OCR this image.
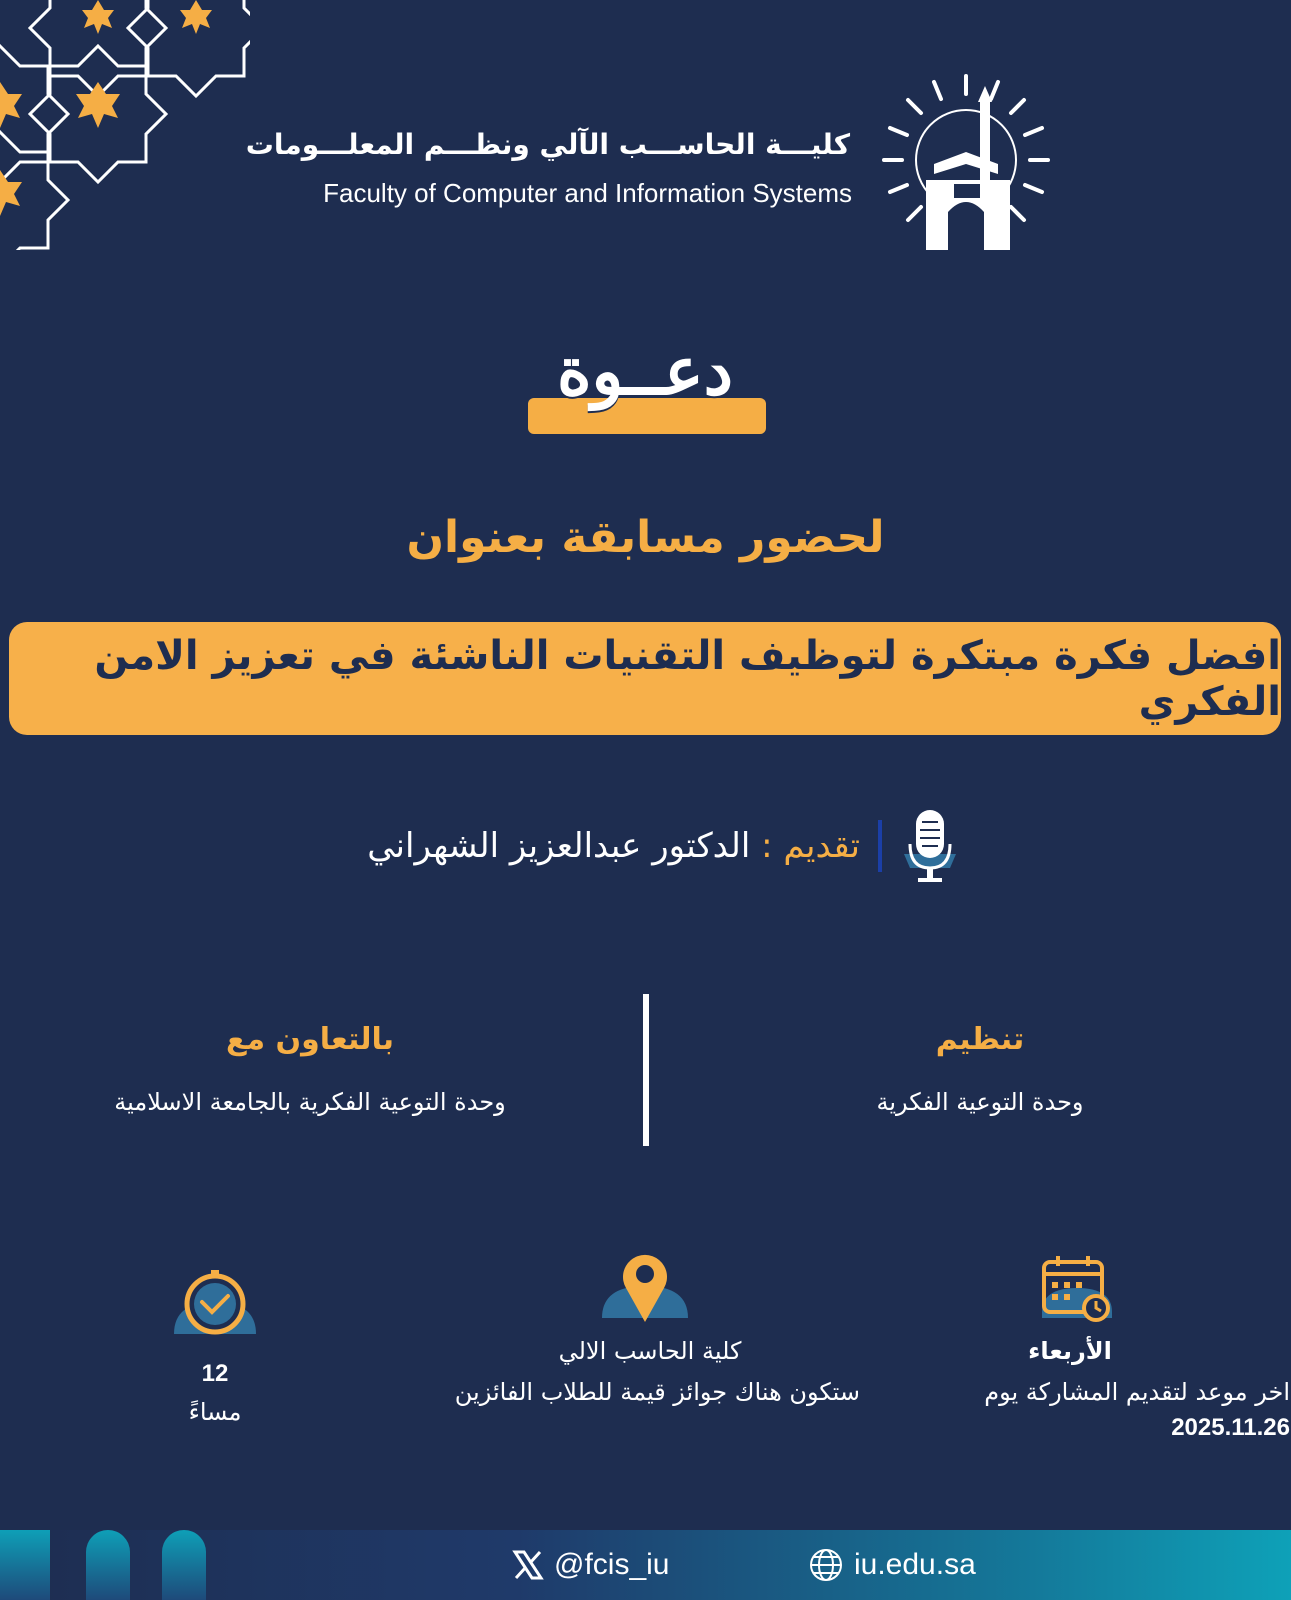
كليـــة الحاســـب الآلي ونظـــم المعلـــومات
Faculty of Computer and Information Systems
دعــوة
لحضور مسابقة بعنوان
افضل فكرة مبتكرة لتوظيف التقنيات الناشئة في تعزيز الامن الفكري
تقديم : الدكتور عبدالعزيز الشهراني
تنظيم
وحدة التوعية الفكرية
بالتعاون مع
وحدة التوعية الفكرية بالجامعة الاسلامية
الأربعاء
اخر موعد لتقديم المشاركة يوم
2025.11.26
كلية الحاسب الالي
ستكون هناك جوائز قيمة للطلاب الفائزين
12
مساءً
@fcis_iu	iu.edu.sa
